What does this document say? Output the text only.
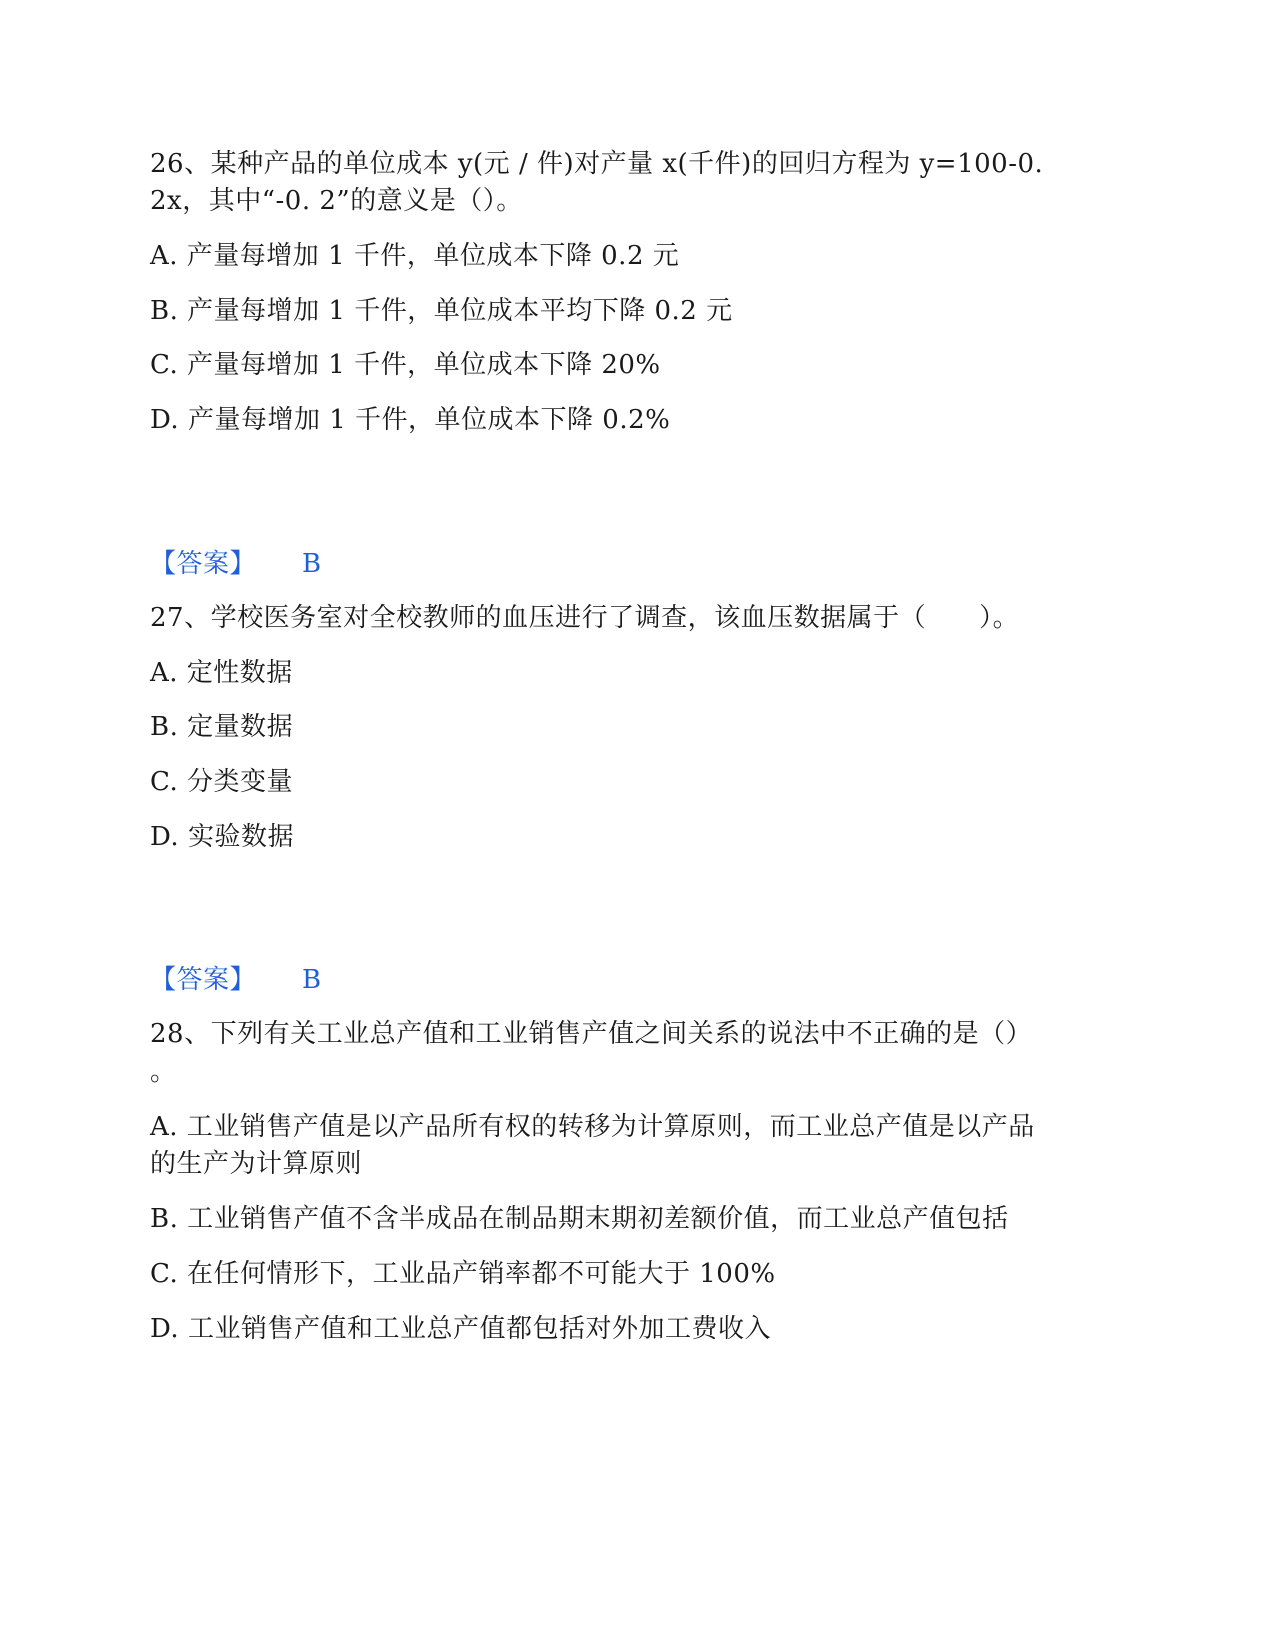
26、某种产品的单位成本 y(元 / 件)对产量 x(千件)的回归方程为 y=100-0.
2x，其中“-0. 2”的意义是（）。
A. 产量每增加 1 千件，单位成本下降 0.2 元
B. 产量每增加 1 千件，单位成本平均下降 0.2 元
C. 产量每增加 1 千件，单位成本下降 20%
D. 产量每增加 1 千件，单位成本下降 0.2%
【答案】 B
27、学校医务室对全校教师的血压进行了调查，该血压数据属于（　　）。
A. 定性数据
B. 定量数据
C. 分类变量
D. 实验数据
【答案】 B
28、下列有关工业总产值和工业销售产值之间关系的说法中不正确的是（）
。
A. 工业销售产值是以产品所有权的转移为计算原则，而工业总产值是以产品
的生产为计算原则
B. 工业销售产值不含半成品在制品期末期初差额价值，而工业总产值包括
C. 在任何情形下，工业品产销率都不可能大于 100%
D. 工业销售产值和工业总产值都包括对外加工费收入
